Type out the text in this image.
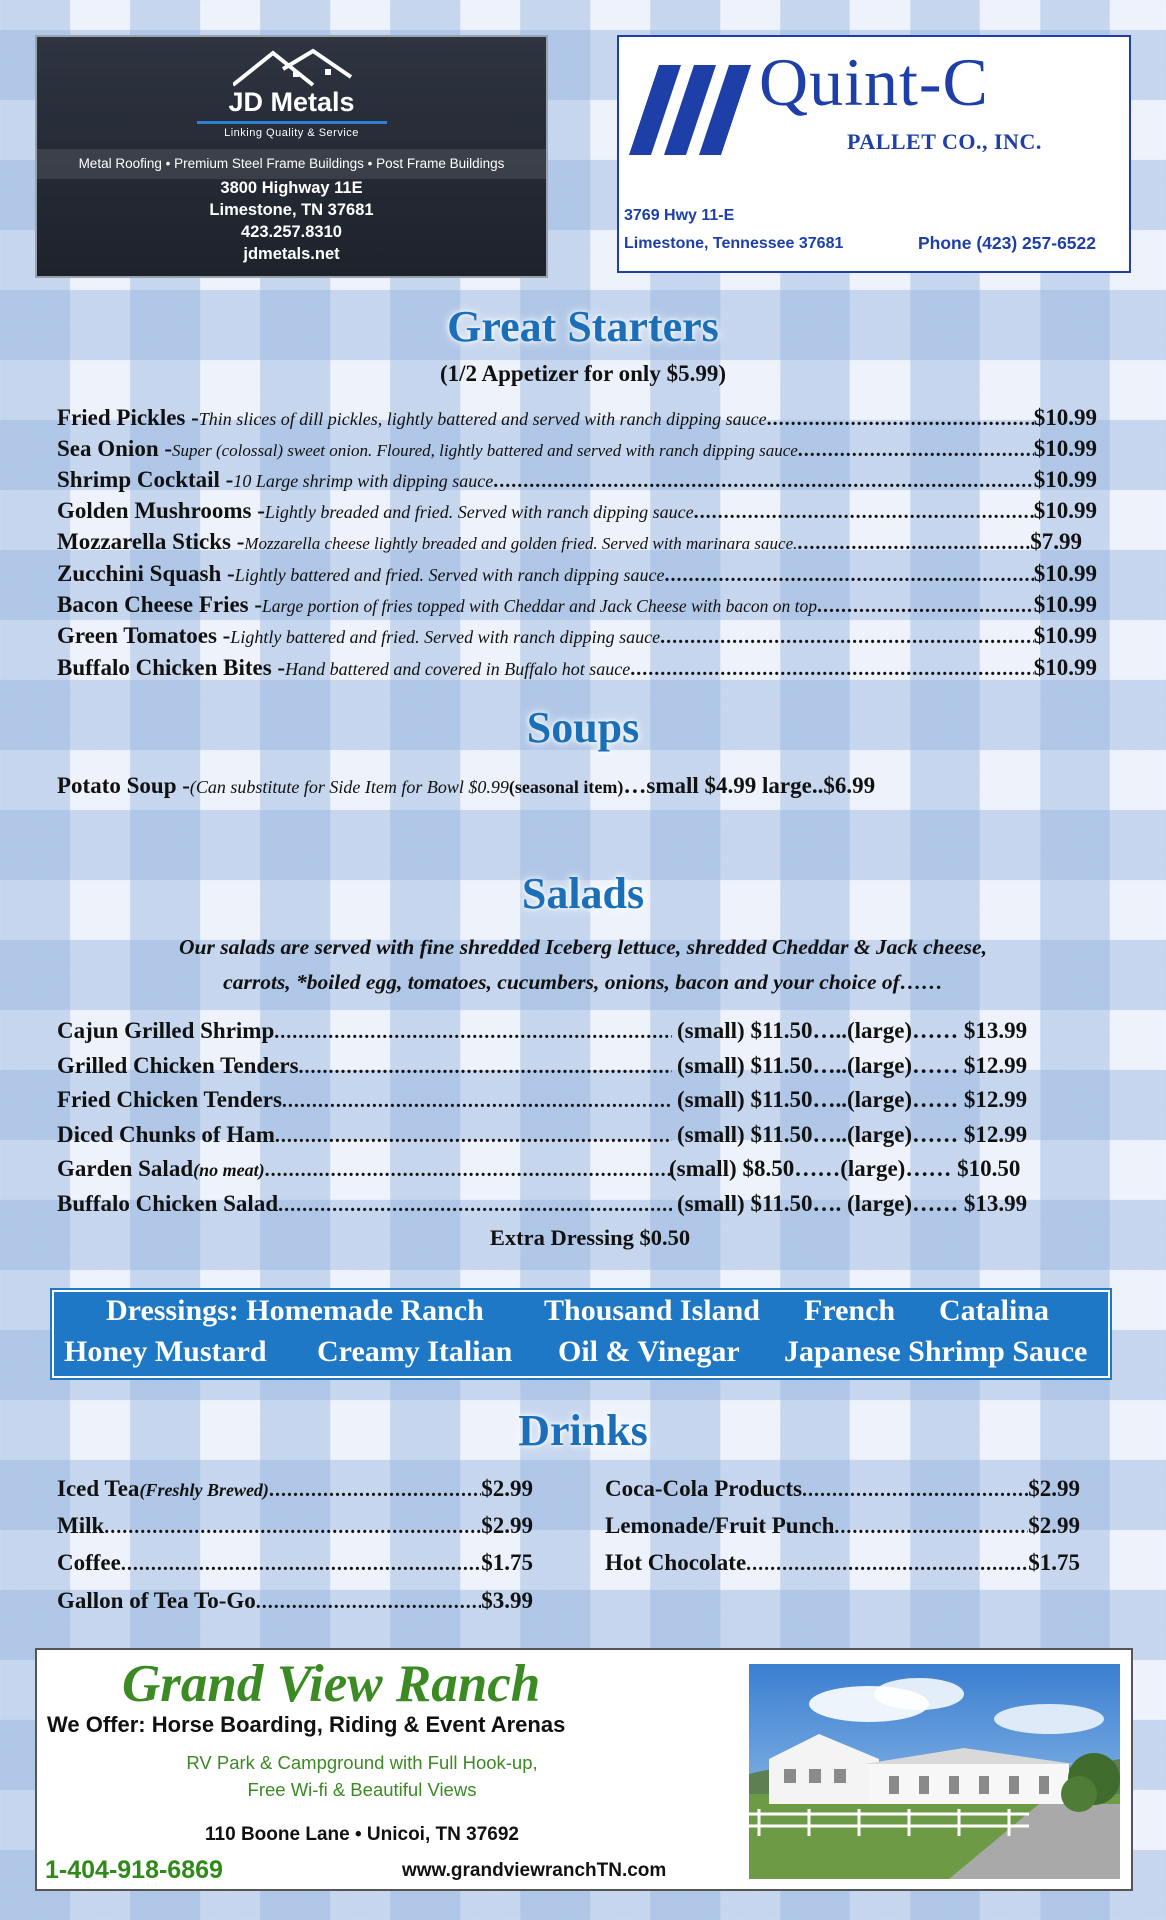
JD Metals
Linking Quality & Service
Metal Roofing • Premium Steel Frame Buildings • Post Frame Buildings
3800 Highway 11E
Limestone, TN 37681
423.257.8310
jdmetals.net
Quint-C
PALLET CO., INC.
3769 Hwy 11-E
Limestone, Tennessee 37681	Phone (423) 257-6522
Great Starters
(1/2 Appetizer for only $5.99)
Fried Pickles - Thin slices of dill pickles, lightly battered and served with ranch dipping sauce .....	$10.99
Sea Onion - Super (colossal) sweet onion. Floured, lightly battered and served with ranch dipping sauce .....	$10.99
Shrimp Cocktail - 10 Large shrimp with dipping sauce .....	$10.99
Golden Mushrooms - Lightly breaded and fried. Served with ranch dipping sauce .....	$10.99
Mozzarella Sticks - Mozzarella cheese lightly breaded and golden fried. Served with marinara sauce. .....	$7.99
Zucchini Squash - Lightly battered and fried. Served with ranch dipping sauce .....	$10.99
Bacon Cheese Fries - Large portion of fries topped with Cheddar and Jack Cheese with bacon on top .....	$10.99
Green Tomatoes - Lightly battered and fried. Served with ranch dipping sauce .....	$10.99
Buffalo Chicken Bites - Hand battered and covered in Buffalo hot sauce .....	$10.99
Soups
Potato Soup - (Can substitute for Side Item for Bowl $0.99 (seasonal item) …small $4.99 large.. $6.99
Salads
Our salads are served with fine shredded Iceberg lettuce, shredded Cheddar & Jack cheese,
carrots, *boiled egg, tomatoes, cucumbers, onions, bacon and your choice of……
Cajun Grilled Shrimp .....	(small) $11.50…..(large)…… $13.99
Grilled Chicken Tenders .....	(small) $11.50…..(large)…… $12.99
Fried Chicken Tenders .....	(small) $11.50…..(large)…… $12.99
Diced Chunks of Ham .....	(small) $11.50…..(large)…… $12.99
Garden Salad (no meat) .....	(small) $8.50……(large)…… $10.50
Buffalo Chicken Salad .....	(small) $11.50…. (large)…… $13.99
Extra Dressing $0.50
Dressings: Homemade Ranch Thousand Island French Catalina
Honey Mustard Creamy Italian Oil & Vinegar Japanese Shrimp Sauce
Drinks
Iced Tea (Freshly Brewed) .....	$2.99
Milk .....	$2.99
Coffee .....	$1.75
Gallon of Tea To-Go .....	$3.99
Coca-Cola Products .....	$2.99
Lemonade/Fruit Punch .....	$2.99
Hot Chocolate .....	$1.75
Grand View Ranch
We Offer: Horse Boarding, Riding & Event Arenas
RV Park & Campground with Full Hook-up,
Free Wi-fi & Beautiful Views
110 Boone Lane • Unicoi, TN 37692
1-404-918-6869	www.grandviewranchTN.com
